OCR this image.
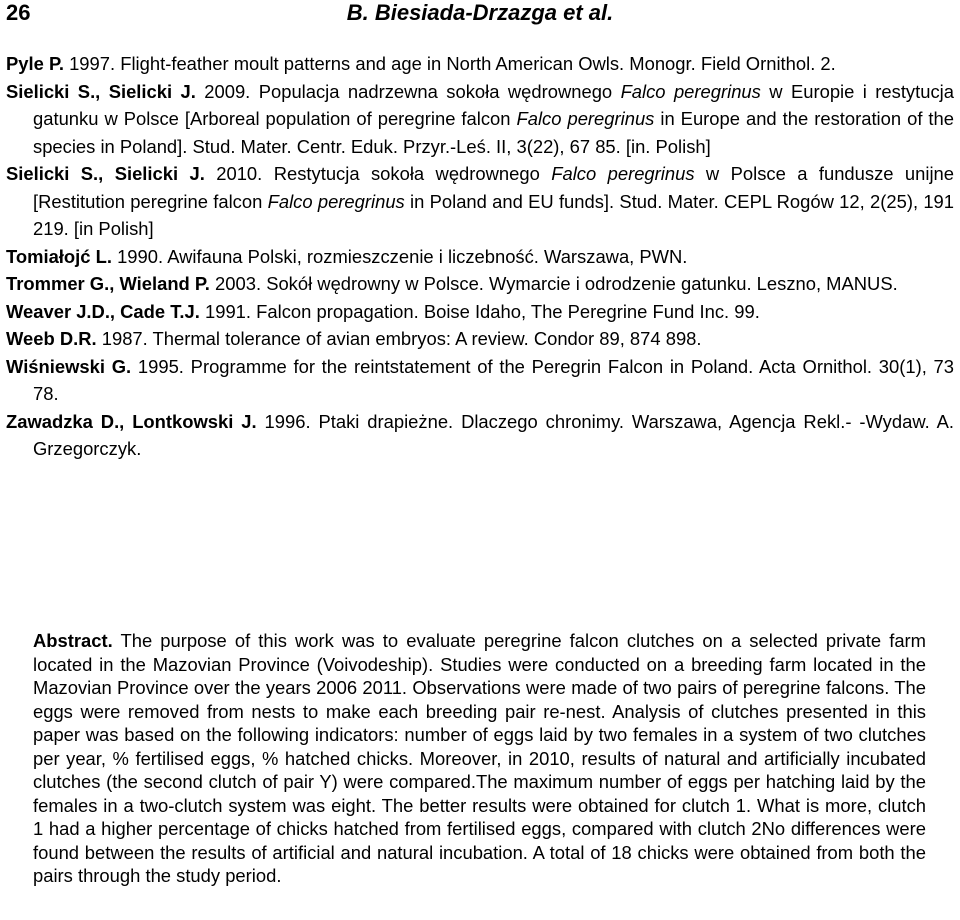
26	B. Biesiada-Drzazga et al.

Pyle P. 1997. Flight-feather moult patterns and age in North American Owls. Monogr. Field Ornithol. 2.

Sielicki S., Sielicki J. 2009. Populacja nadrzewna sokoła wędrownego Falco peregrinus w Europie i restytucja gatunku w Polsce [Arboreal population of peregrine falcon Falco peregrinus in Europe and the restoration of the species in Poland]. Stud. Mater. Centr. Eduk. Przyr.-Leś. II, 3(22), 67 85. [in. Polish]

Sielicki S., Sielicki J. 2010. Restytucja sokoła wędrownego Falco peregrinus w Polsce a fundusze unijne [Restitution peregrine falcon Falco peregrinus in Poland and EU funds]. Stud. Mater. CEPL Rogów 12, 2(25), 191 219. [in Polish]

Tomiałojć L. 1990. Awifauna Polski, rozmieszczenie i liczebność. Warszawa, PWN.

Trommer G., Wieland P. 2003. Sokół wędrowny w Polsce. Wymarcie i odrodzenie gatunku. Leszno, MANUS.

Weaver J.D., Cade T.J. 1991. Falcon propagation. Boise Idaho, The Peregrine Fund Inc. 99.

Weeb D.R. 1987. Thermal tolerance of avian embryos: A review. Condor 89, 874 898.

Wiśniewski G. 1995. Programme for the reintstatement of the Peregrin Falcon in Poland. Acta Ornithol. 30(1), 73 78.

Zawadzka D., Lontkowski J. 1996. Ptaki drapieżne. Dlaczego chronimy. Warszawa, Agencja Rekl.- -Wydaw. A. Grzegorczyk.

Abstract. The purpose of this work was to evaluate peregrine falcon clutches on a selected private farm located in the Mazovian Province (Voivodeship). Studies were conducted on a breeding farm located in the Mazovian Province over the years 2006 2011. Observations were made of two pairs of peregrine falcons. The eggs were removed from nests to make each breeding pair re-nest. Analysis of clutches presented in this paper was based on the following indicators: number of eggs laid by two females in a system of two clutches per year, % fertilised eggs, % hatched chicks. Moreover, in 2010, results of natural and artificially incubated clutches (the second clutch of pair Y) were compared.The maximum number of eggs per hatching laid by the females in a two-clutch system was eight. The better results were obtained for clutch 1. What is more, clutch 1 had a higher percentage of chicks hatched from fertilised eggs, compared with clutch 2No differences were found between the results of artificial and natural incubation. A total of 18 chicks were obtained from both the pairs through the study period.
